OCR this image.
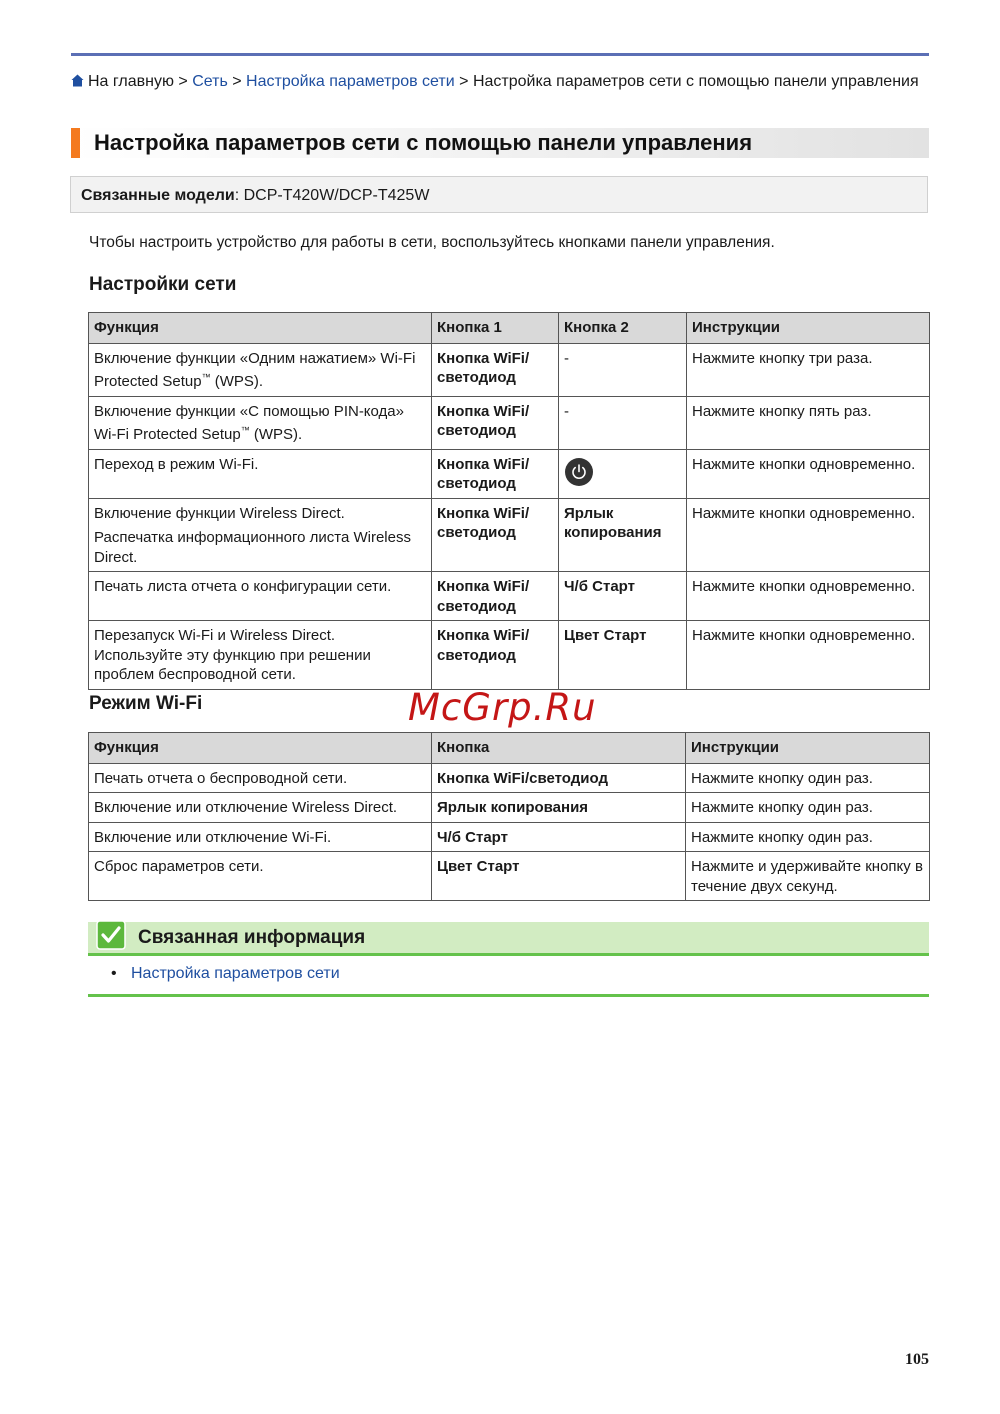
На главную > Сеть > Настройка параметров сети > Настройка параметров сети с помощью панели управления
Настройка параметров сети с помощью панели управления
Связанные модели: DCP-T420W/DCP-T425W
Чтобы настроить устройство для работы в сети, воспользуйтесь кнопками панели управления.
Настройки сети
Функция	Кнопка 1	Кнопка 2	Инструкции
Включение функции «Одним нажатием» Wi-Fi Protected Setup™ (WPS).	Кнопка WiFi/ светодиод	-	Нажмите кнопку три раза.
Включение функции «С помощью PIN-кода» Wi-Fi Protected Setup™ (WPS).	Кнопка WiFi/ светодиод	-	Нажмите кнопку пять раз.
Переход в режим Wi-Fi.	Кнопка WiFi/ светодиод		Нажмите кнопки одновременно.

Включение функции Wireless Direct.
Распечатка информационного листа Wireless Direct.	Кнопка WiFi/ светодиод	Ярлык копирования	Нажмите кнопки одновременно.
Печать листа отчета о конфигурации сети.	Кнопка WiFi/ светодиод	Ч/б Старт	Нажмите кнопки одновременно.
Перезапуск Wi-Fi и Wireless Direct. Используйте эту функцию при решении проблем беспроводной сети.	Кнопка WiFi/ светодиод	Цвет Старт	Нажмите кнопки одновременно.
Режим Wi-Fi	McGrp.Ru
Функция	Кнопка	Инструкции
Печать отчета о беспроводной сети.	Кнопка WiFi/светодиод	Нажмите кнопку один раз.
Включение или отключение Wireless Direct.	Ярлык копирования	Нажмите кнопку один раз.
Включение или отключение Wi-Fi.	Ч/б Старт	Нажмите кнопку один раз.
Сброс параметров сети.	Цвет Старт	Нажмите и удерживайте кнопку в течение двух секунд.
Связанная информация
• Настройка параметров сети
105
